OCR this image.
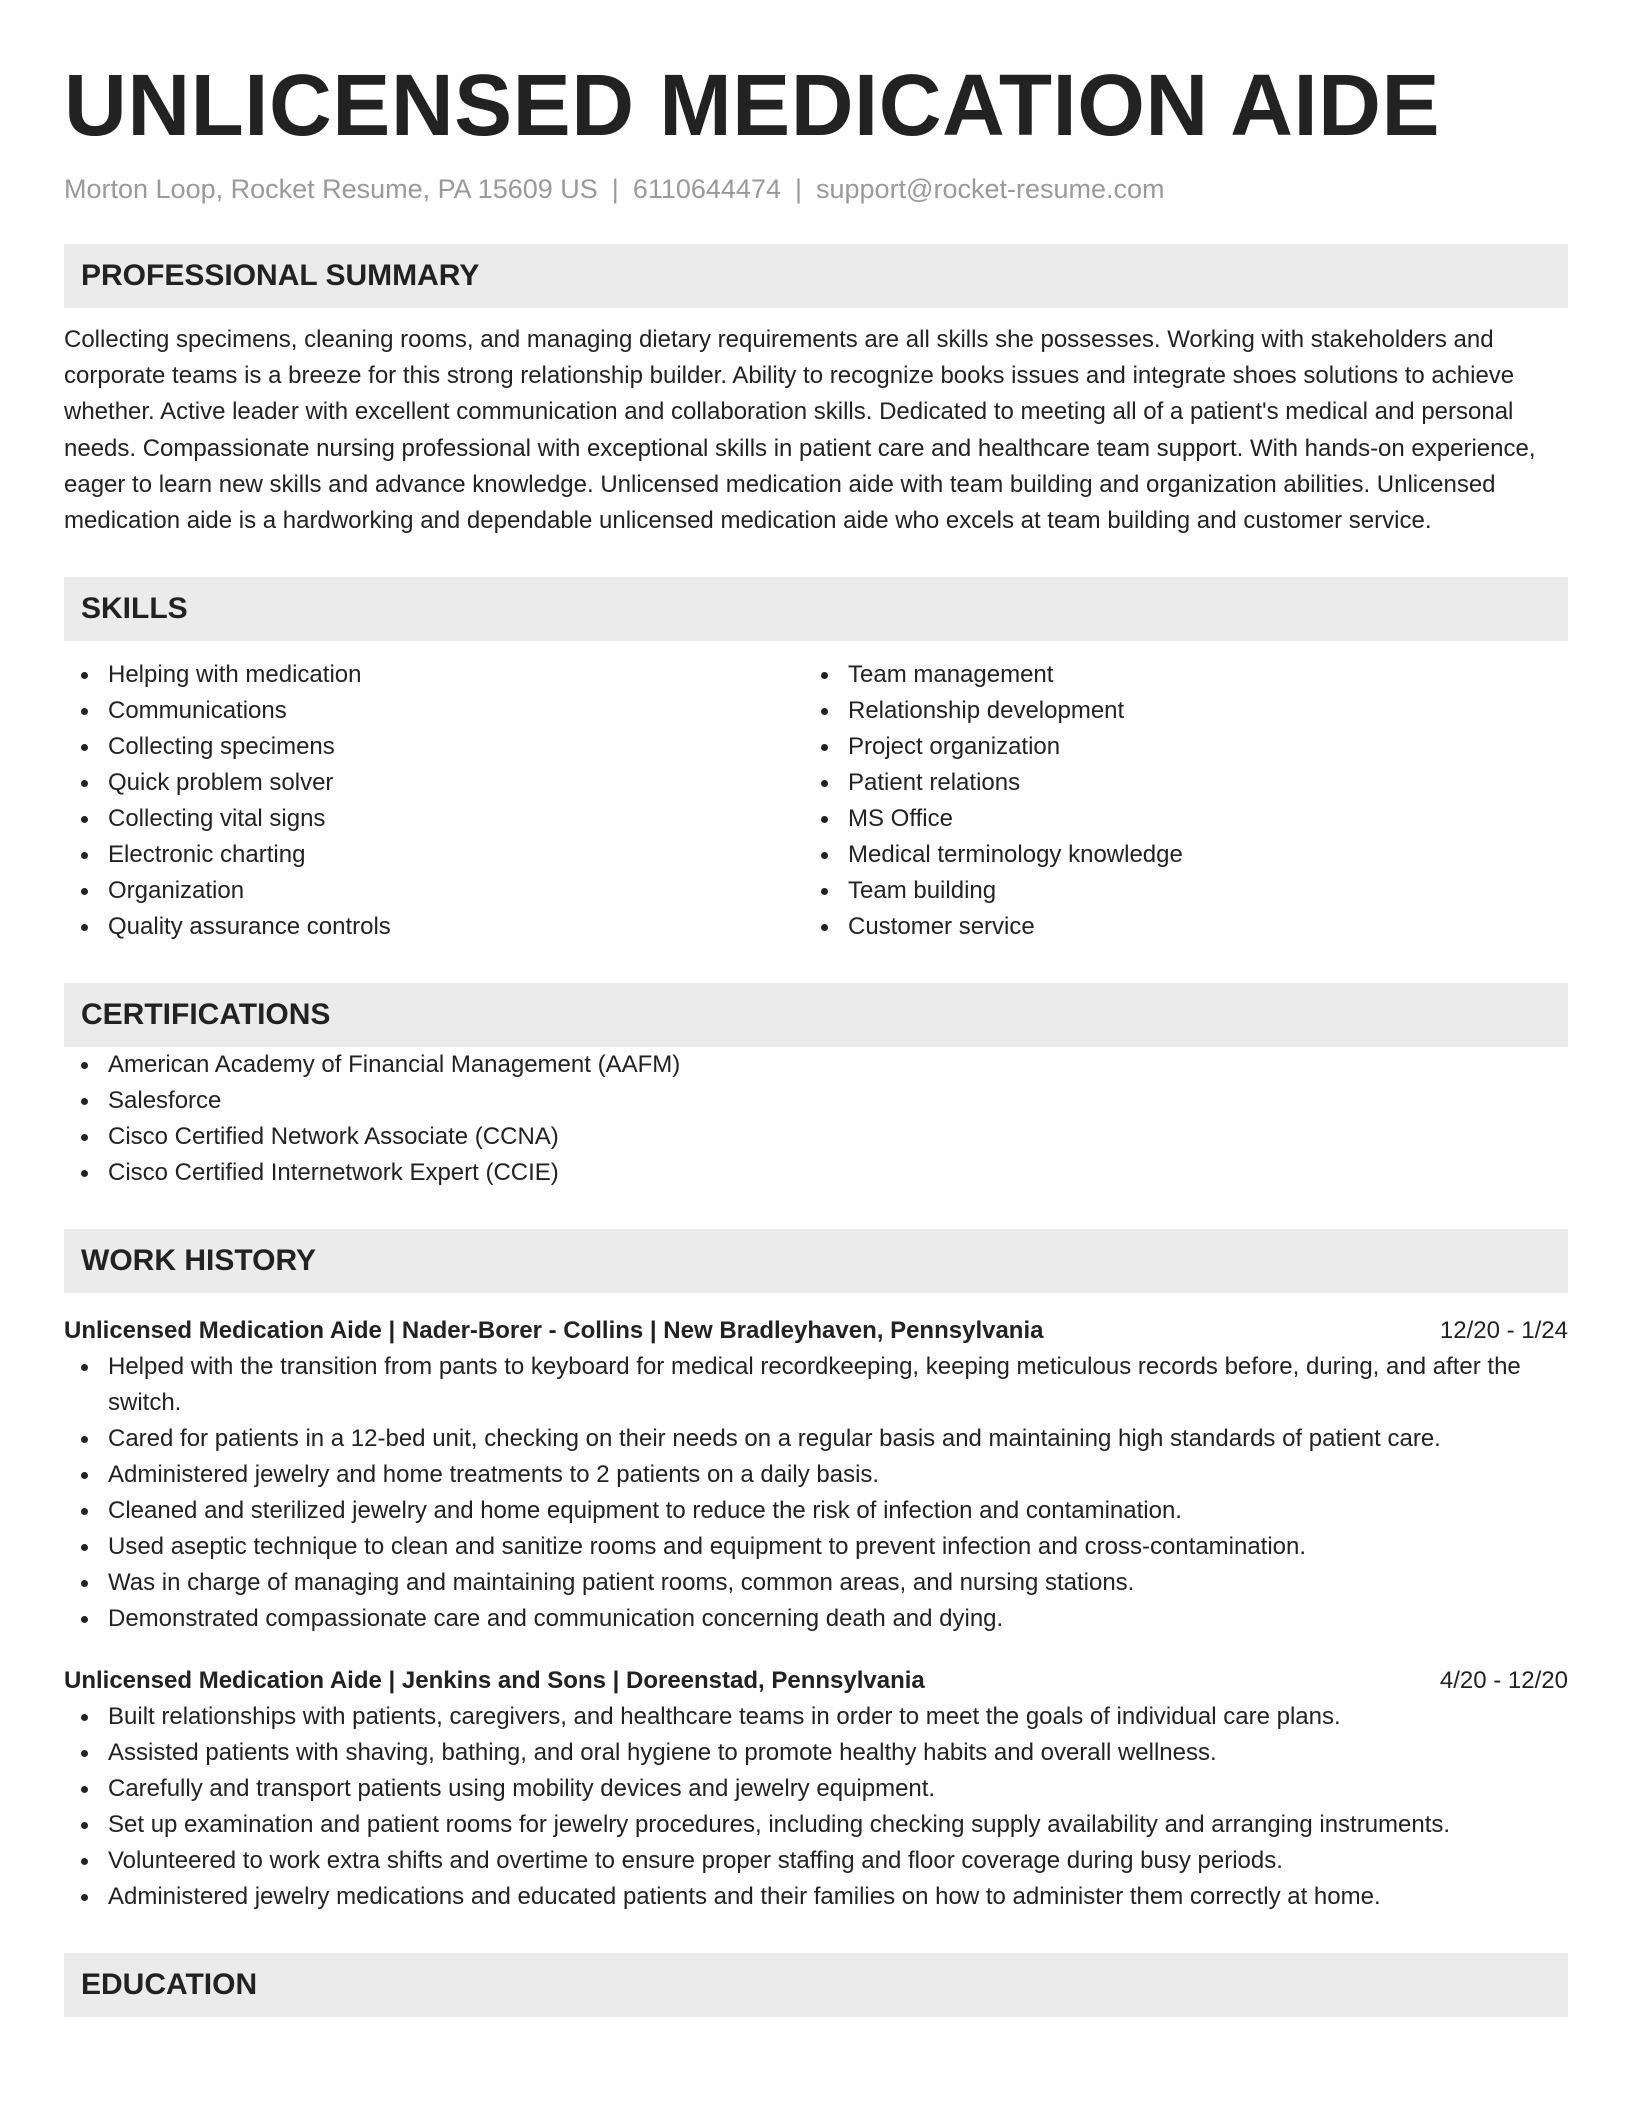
UNLICENSED MEDICATION AIDE
Morton Loop, Rocket Resume, PA 15609 US | 6110644474 | support@rocket-resume.com
PROFESSIONAL SUMMARY
Collecting specimens, cleaning rooms, and managing dietary requirements are all skills she possesses. Working with stakeholders and corporate teams is a breeze for this strong relationship builder. Ability to recognize books issues and integrate shoes solutions to achieve whether. Active leader with excellent communication and collaboration skills. Dedicated to meeting all of a patient's medical and personal needs. Compassionate nursing professional with exceptional skills in patient care and healthcare team support. With hands-on experience, eager to learn new skills and advance knowledge. Unlicensed medication aide with team building and organization abilities. Unlicensed medication aide is a hardworking and dependable unlicensed medication aide who excels at team building and customer service.
SKILLS
Helping with medication
Communications
Collecting specimens
Quick problem solver
Collecting vital signs
Electronic charting
Organization
Quality assurance controls
Team management
Relationship development
Project organization
Patient relations
MS Office
Medical terminology knowledge
Team building
Customer service
CERTIFICATIONS
American Academy of Financial Management (AAFM)
Salesforce
Cisco Certified Network Associate (CCNA)
Cisco Certified Internetwork Expert (CCIE)
WORK HISTORY
Unlicensed Medication Aide | Nader-Borer - Collins | New Bradleyhaven, Pennsylvania	12/20 - 1/24
Helped with the transition from pants to keyboard for medical recordkeeping, keeping meticulous records before, during, and after the switch.
Cared for patients in a 12-bed unit, checking on their needs on a regular basis and maintaining high standards of patient care.
Administered jewelry and home treatments to 2 patients on a daily basis.
Cleaned and sterilized jewelry and home equipment to reduce the risk of infection and contamination.
Used aseptic technique to clean and sanitize rooms and equipment to prevent infection and cross-contamination.
Was in charge of managing and maintaining patient rooms, common areas, and nursing stations.
Demonstrated compassionate care and communication concerning death and dying.
Unlicensed Medication Aide | Jenkins and Sons | Doreenstad, Pennsylvania	4/20 - 12/20
Built relationships with patients, caregivers, and healthcare teams in order to meet the goals of individual care plans.
Assisted patients with shaving, bathing, and oral hygiene to promote healthy habits and overall wellness.
Carefully and transport patients using mobility devices and jewelry equipment.
Set up examination and patient rooms for jewelry procedures, including checking supply availability and arranging instruments.
Volunteered to work extra shifts and overtime to ensure proper staffing and floor coverage during busy periods.
Administered jewelry medications and educated patients and their families on how to administer them correctly at home.
EDUCATION
